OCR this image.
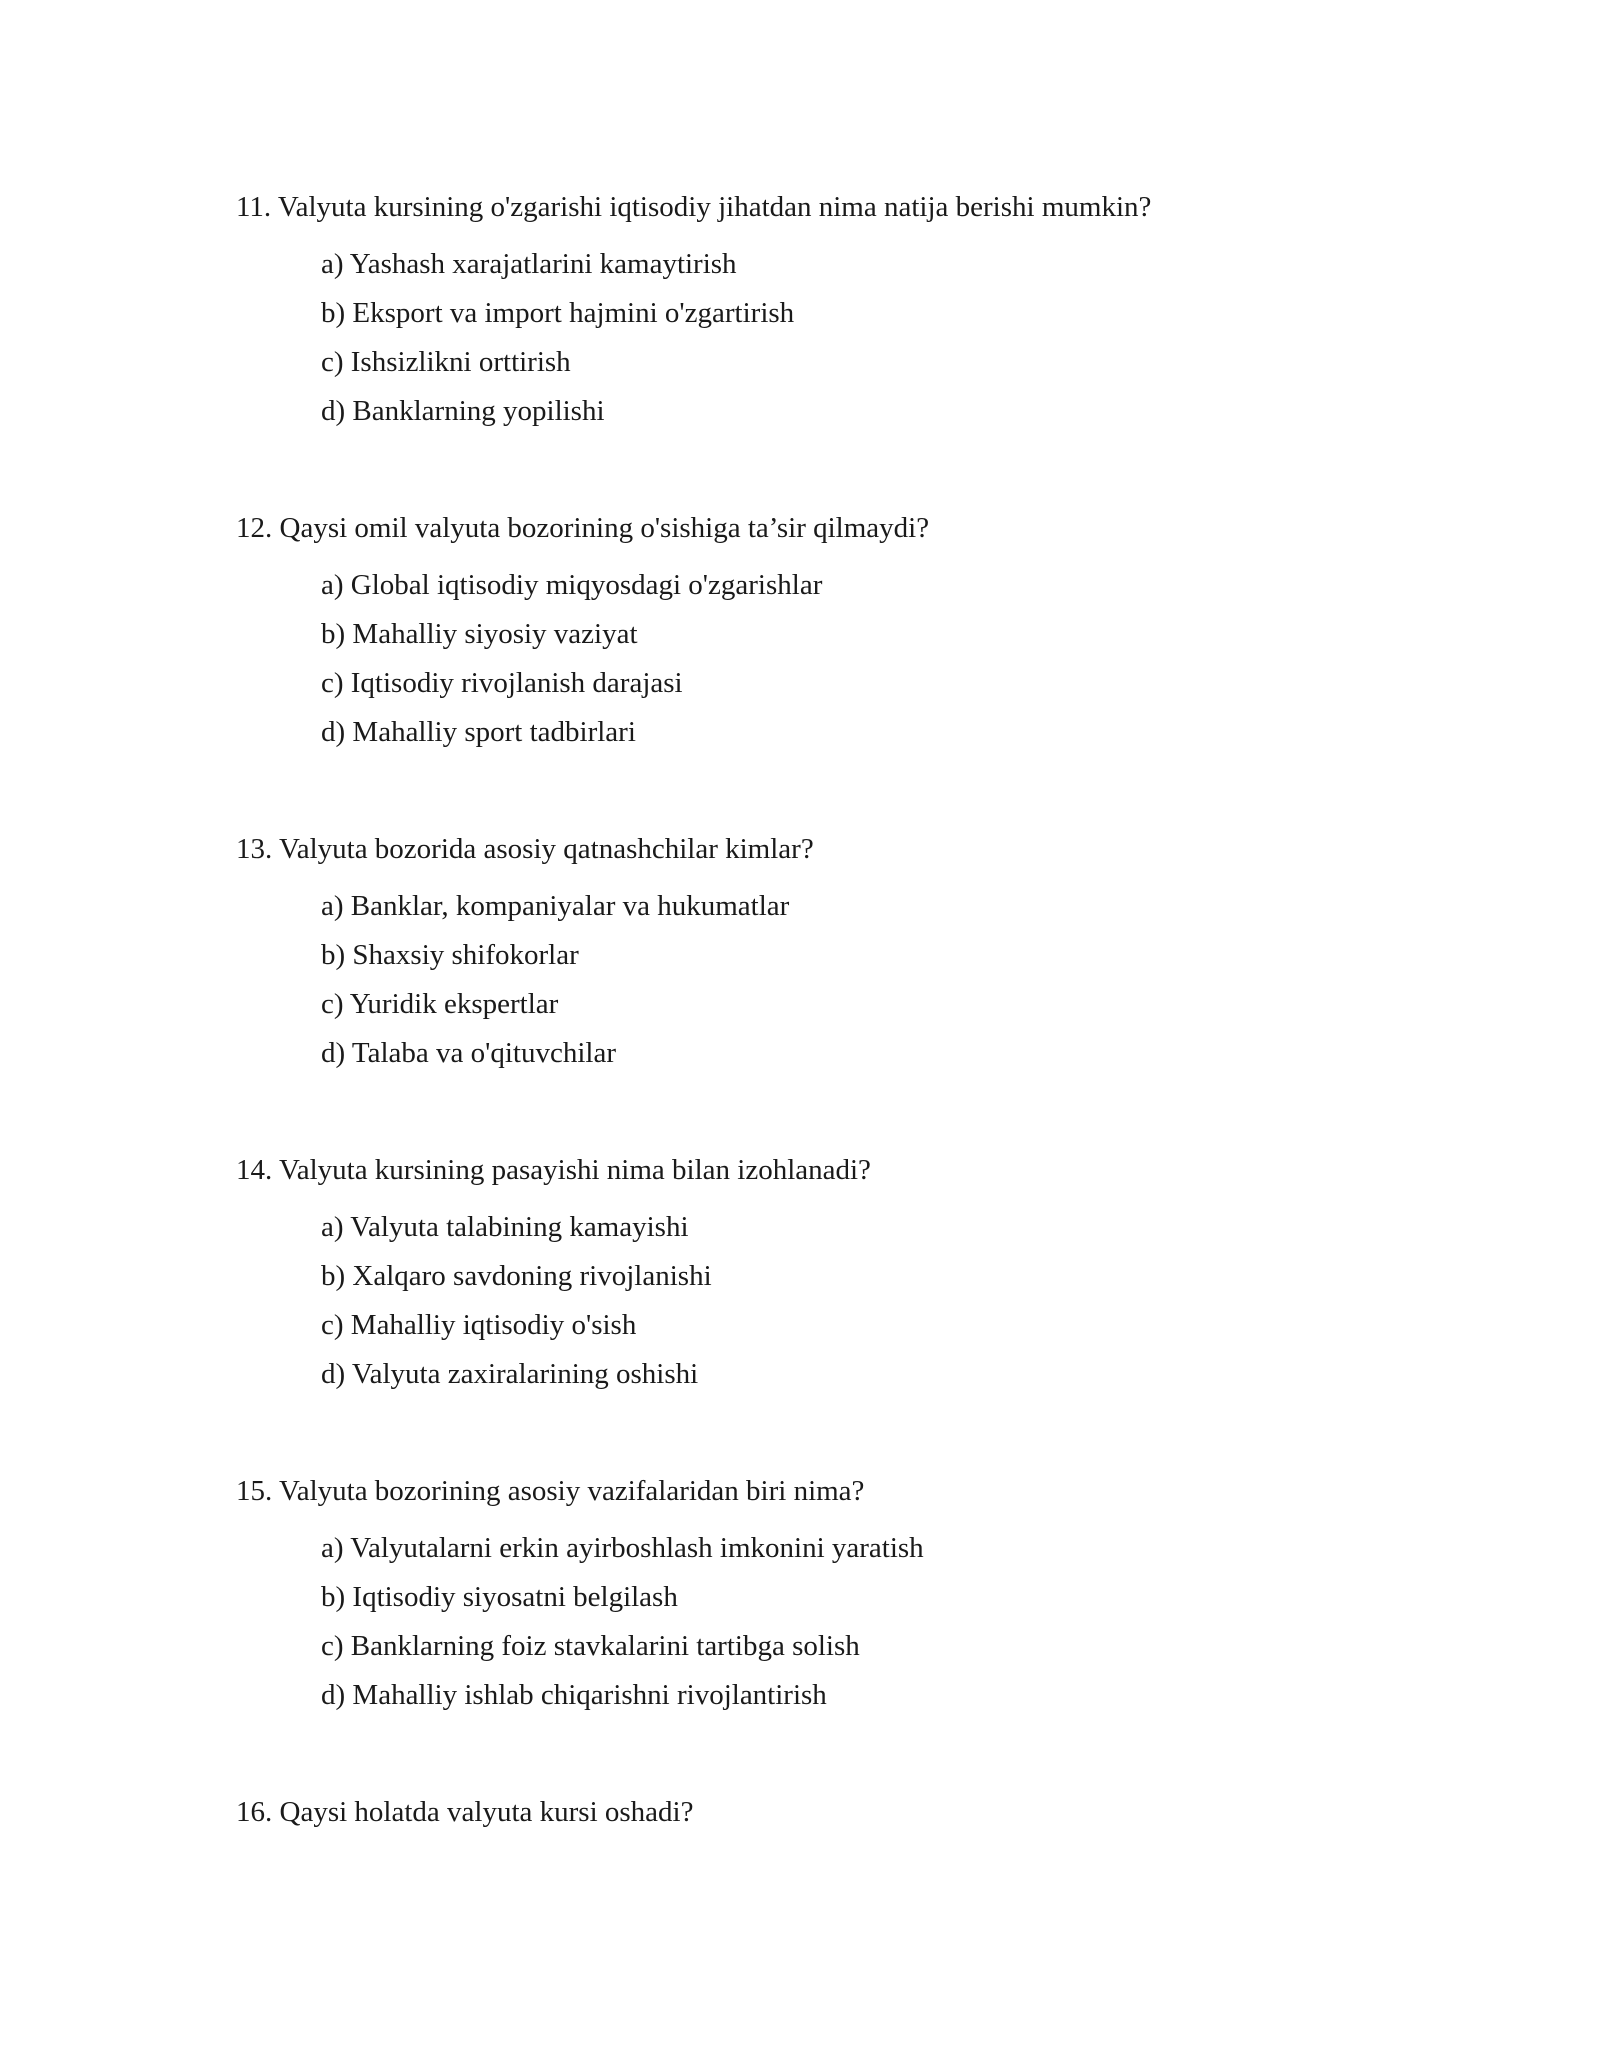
11. Valyuta kursining o'zgarishi iqtisodiy jihatdan nima natija berishi mumkin?
a) Yashash xarajatlarini kamaytirish
b) Eksport va import hajmini o'zgartirish
c) Ishsizlikni orttirish
d) Banklarning yopilishi
12. Qaysi omil valyuta bozorining o'sishiga ta’sir qilmaydi?
a) Global iqtisodiy miqyosdagi o'zgarishlar
b) Mahalliy siyosiy vaziyat
c) Iqtisodiy rivojlanish darajasi
d) Mahalliy sport tadbirlari
13. Valyuta bozorida asosiy qatnashchilar kimlar?
a) Banklar, kompaniyalar va hukumatlar
b) Shaxsiy shifokorlar
c) Yuridik ekspertlar
d) Talaba va o'qituvchilar
14. Valyuta kursining pasayishi nima bilan izohlanadi?
a) Valyuta talabining kamayishi
b) Xalqaro savdoning rivojlanishi
c) Mahalliy iqtisodiy o'sish
d) Valyuta zaxiralarining oshishi
15. Valyuta bozorining asosiy vazifalaridan biri nima?
a) Valyutalarni erkin ayirboshlash imkonini yaratish
b) Iqtisodiy siyosatni belgilash
c) Banklarning foiz stavkalarini tartibga solish
d) Mahalliy ishlab chiqarishni rivojlantirish
16. Qaysi holatda valyuta kursi oshadi?
